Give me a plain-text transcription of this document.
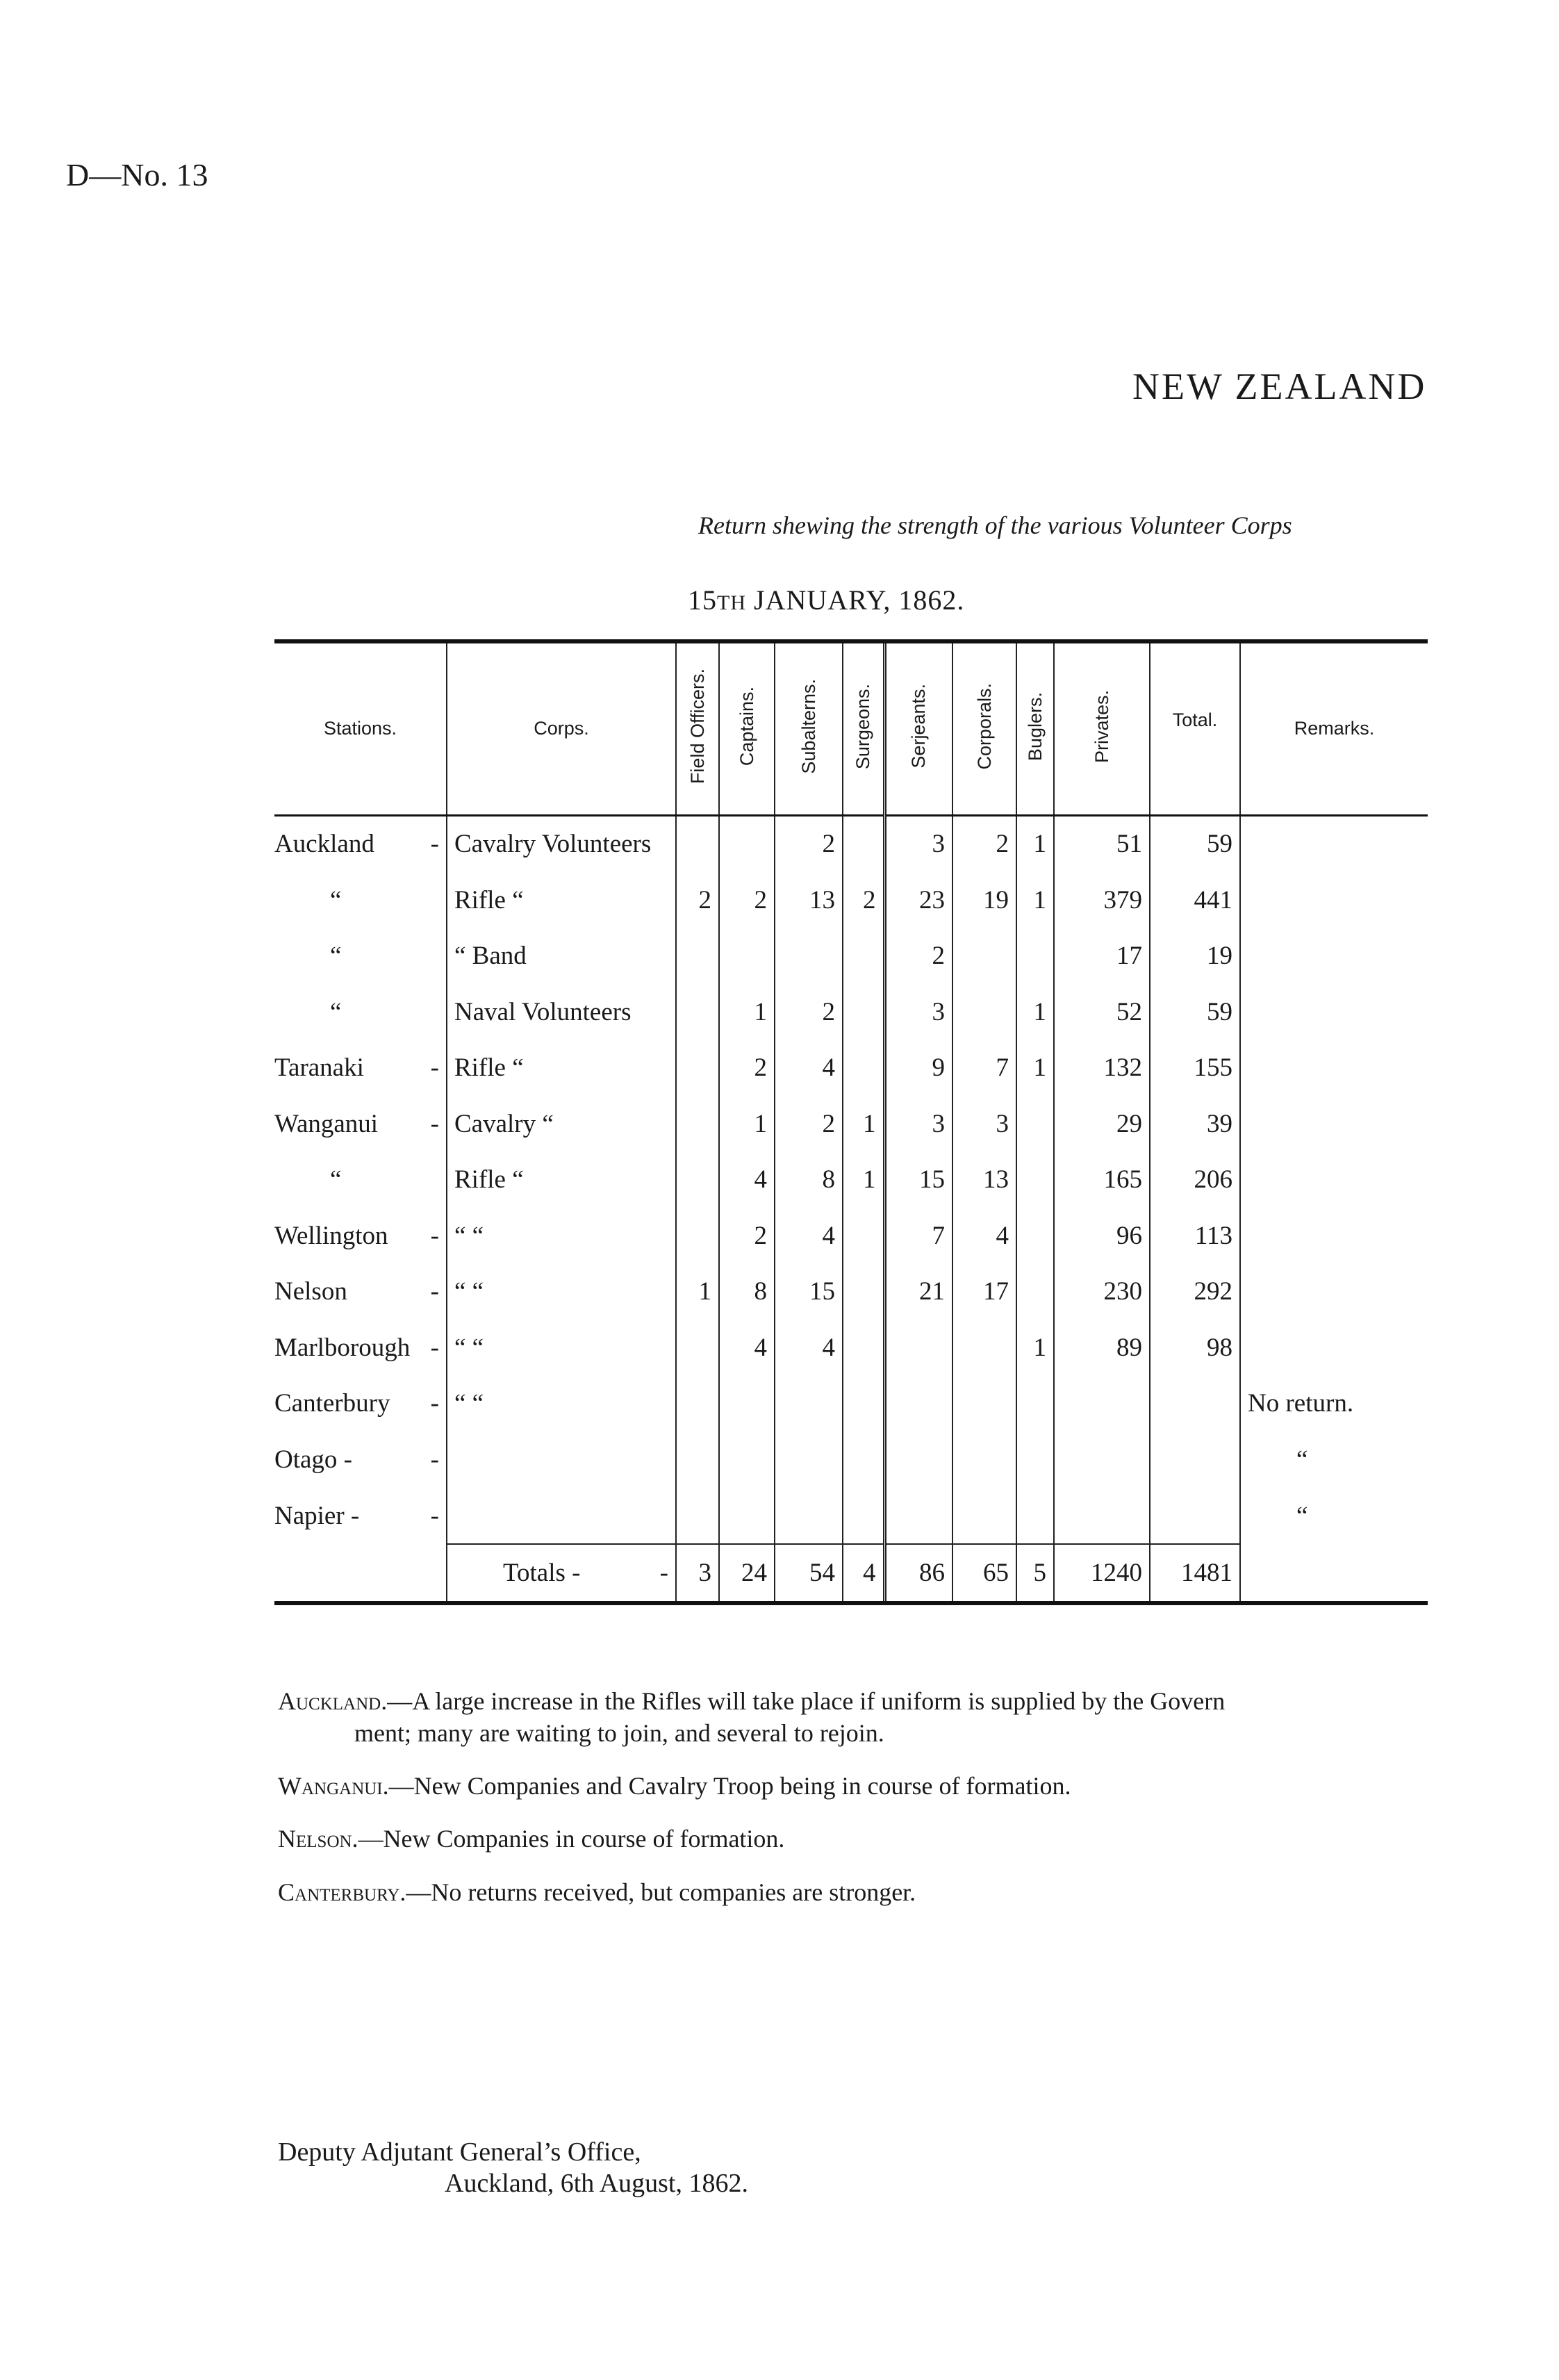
D—No. 13
NEW ZEALAND
Return shewing the strength of the various Volunteer Corps
15TH JANUARY, 1862.
Stations.	Corps.	Field Officers.	Captains.	Subalterns.	Surgeons.	Serjeants.	Corporals.	Buglers.	Privates.	Total.	Remarks.
Auckland -	Cavalry Volunteers			2		3	2	1	51	59	
“	Rifle “	2	2	13	2	23	19	1	379	441	
“	“ Band					2			17	19	
“	Naval Volunteers		1	2		3		1	52	59	
Taranaki -	Rifle “		2	4		9	7	1	132	155	
Wanganui -	Cavalry “		1	2	1	3	3		29	39	
“	Rifle “		4	8	1	15	13		165	206	
Wellington -	“ “		2	4		7	4		96	113	
Nelson -	“ “	1	8	15		21	17		230	292	
Marlborough -	“ “		4	4				1	89	98	
Canterbury -	“ “										No return.
Otago - -											“
Napier - -											“
	Totals - -	3	24	54	4	86	65	5	1240	1481	
Auckland.—A large increase in the Rifles will take place if uniform is supplied by the Govern
ment; many are waiting to join, and several to rejoin.
Wanganui.—New Companies and Cavalry Troop being in course of formation.
Nelson.—New Companies in course of formation.
Canterbury.—No returns received, but companies are stronger.
Deputy Adjutant General’s Office,
Auckland, 6th August, 1862.
